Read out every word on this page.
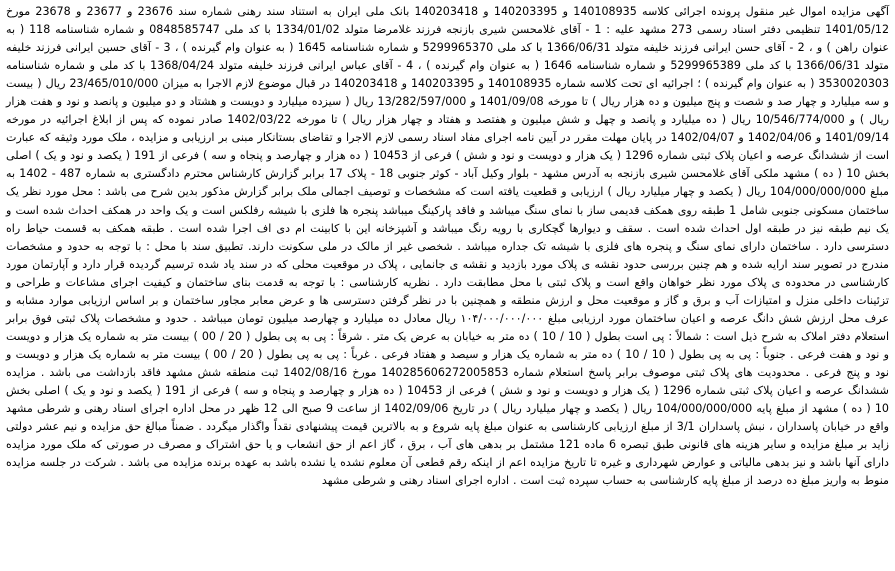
آگهی مزایده اموال غیر منقول پرونده اجرائی کلاسه 140108935 و 140203395 و 140203418 بانک ملی ایران به استناد سند رهنی شماره سند 23676 و 23677 و 23678 مورخ 1401/05/12 تنظیمی دفتر اسناد رسمی 273 مشهد علیه : 1 - آقای غلامحسن شیری بازنجه فرزند غلامرضا متولد 1334/01/02 با کد ملی 0848585747 و شماره شناسنامه 118 ( به عنوان راهن ) و ، 2 - آقای حسن ایرانی فرزند خلیفه متولد 1366/06/31 با کد ملی 5299965370 و شماره شناسنامه 1645 ( به عنوان وام گیرنده ) ، 3 - آقای حسین ایرانی فرزند خلیفه متولد 1366/06/31 با کد ملی 5299965389 و شماره شناسنامه 1646 ( به عنوان وام گیرنده ) ، 4 - آقای عباس ایرانی فرزند خلیفه متولد 1368/04/24 با کد ملی و شماره شناسنامه 3530020303 ( به عنوان وام گیرنده ) ؛ اجرائیه ای تحت کلاسه شماره 140108935 و 140203395 و 140203418 در قبال موضوع لازم الاجرا به میزان 23/465/010/000 ریال ( بیست و سه میلیارد و چهار صد و شصت و پنج میلیون و ده هزار ریال ) تا مورخه 1401/09/08 و 13/282/597/000 ریال ( سیزده میلیارد و دویست و هشتاد و دو میلیون و پانصد و نود و هفت هزار ریال ) و 10/546/774/000 ریال ( ده میلیارد و پانصد و چهل و شش میلیون و هفتصد و هفتاد و چهار هزار ریال ) تا مورخه 1402/03/22 صادر نموده که پس از ابلاغ اجرائیه در مورخه 1401/09/14 و 1402/04/06 و 1402/04/07 در پایان مهلت مقرر در آیین نامه اجرای مفاد اسناد رسمی لازم الاجرا و تقاضای بستانکار مبنی بر ارزیابی و مزایده ، ملک مورد وثیقه که عبارت است از ششدانگ عرصه و اعیان پلاک ثبتی شماره 1296 ( یک هزار و دویست و نود و شش ) فرعی از 10453 ( ده هزار و چهارصد و پنجاه و سه ) فرعی از 191 ( یکصد و نود و یک ) اصلی بخش 10 ( ده ) مشهد ملکی آقای غلامحسن شیری بازنجه به آدرس مشهد - بلوار وکیل آباد - کوثر جنوبی 18 - پلاک 17 برابر گزارش کارشناس محترم دادگستری به شماره 487 - 1402 به مبلغ 104/000/000/000 ریال ( یکصد و چهار میلیارد ریال ) ارزیابی و قطعیت یافته است که مشخصات و توصیف اجمالی ملک برابر گزارش مذکور بدین شرح می باشد : محل مورد نظر یک ساختمان مسکونی جنوبی شامل 1 طبقه روی همکف قدیمی ساز با نمای سنگ میباشد و فاقد پارکینگ میباشد پنجره ها فلزی با شیشه رفلکس است و یک واحد در همکف احداث شده است و یک نیم طبقه نیز در طبقه اول احداث شده است . سقف و دیوارها گچکاری با رویه رنگ میباشد و آشپزخانه این با کابینت ام دی اف اجرا شده است . طبقه همکف به قسمت حیاط راه دسترسی دارد . ساختمان دارای نمای سنگ و پنجره های فلزی با شیشه تک جداره میباشد . شخصی غیر از مالک در ملی سکونت دارند. تطبیق سند با محل : با توجه به حدود و مشخصات مندرج در تصویر سند ارایه شده و هم چنین بررسی حدود نقشه ی پلاک مورد بازدید و نقشه ی جانمایی ، پلاک در موقعیت محلی که در سند یاد شده ترسیم گردیده قرار دارد و آپارتمان مورد کارشناسی در محدوده ی پلاک مورد نظر خواهان واقع است و پلاک ثبتی با محل مطابقت دارد . نظریه کارشناسی : با توجه به قدمت بنای ساختمان و کیفیت اجرای مشاعات و طراحی و تزئینات داخلی منزل و امتیازات آب و برق و گاز و موقعیت محل و ارزش منطقه و همچنین با در نظر گرفتن دسترسی ها و عرض معابر مجاور ساختمان و بر اساس ارزیابی موارد مشابه و عرف محل ارزش شش دانگ عرصه و اعیان ساختمان مورد ارزیابی مبلغ ۱۰۴/۰۰۰/۰۰۰/۰۰۰ ریال معادل ده میلیارد و چهارصد میلیون تومان میباشد . حدود و مشخصات پلاک ثبتی فوق برابر استعلام دفتر املاک به شرح ذیل است : شمالاً : پی است بطول ( 10 / 10 ) ده متر به خیابان به عرض یک متر . شرقاً : پی به پی بطول ( 20 / 00 ) بیست متر به شماره یک هزار و دویست و نود و هفت فرعی . جنوباً : پی به پی بطول ( 10 / 10 ) ده متر به شماره یک هزار و سیصد و هفتاد فرعی . غرباً : پی به پی بطول ( 20 / 00 ) بیست متر به شماره یک هزار و دویست و نود و پنج فرعی . محدودیت های پلاک ثبتی موصوف برابر پاسخ استعلام شماره 140285606272005853 مورخ 1402/08/16 ثبت منطقه شش مشهد فاقد بازداشت می باشد . مزایده ششدانگ عرصه و اعیان پلاک ثبتی شماره 1296 ( یک هزار و دویست و نود و شش ) فرعی از 10453 ( ده هزار و چهارصد و پنجاه و سه ) فرعی از 191 ( یکصد و نود و یک ) اصلی بخش 10 ( ده ) مشهد از مبلغ پایه 104/000/000/000 ریال ( یکصد و چهار میلیارد ریال ) در تاریخ 1402/09/06 از ساعت 9 صبح الی 12 ظهر در محل اداره اجرای اسناد رهنی و شرطی مشهد واقع در خیابان پاسداران ، نبش پاسداران 3/1 از مبلغ ارزیابی کارشناسی به عنوان مبلغ پایه شروع و به بالاترین قیمت پیشنهادی نقداً واگذار میگردد . ضمناً مبالغ حق مزایده و نیم عشر دولتی زاید بر مبلغ مزایده و سایر هزینه های قانونی طبق تبصره 6 ماده 121 مشتمل بر بدهی های آب ، برق ، گاز اعم از حق انشعاب و یا حق اشتراک و مصرف در صورتی که ملک مورد مزایده دارای آنها باشد و نیز بدهی مالیاتی و عوارض شهرداری و غیره تا تاریخ مزایده اعم از اینکه رقم قطعی آن معلوم نشده یا نشده باشد به عهده برنده مزایده می باشد . شرکت در جلسه مزایده منوط به واریز مبلغ ده درصد از مبلغ پایه کارشناسی به حساب سپرده ثبت است . اداره اجرای اسناد رهنی و شرطی مشهد
